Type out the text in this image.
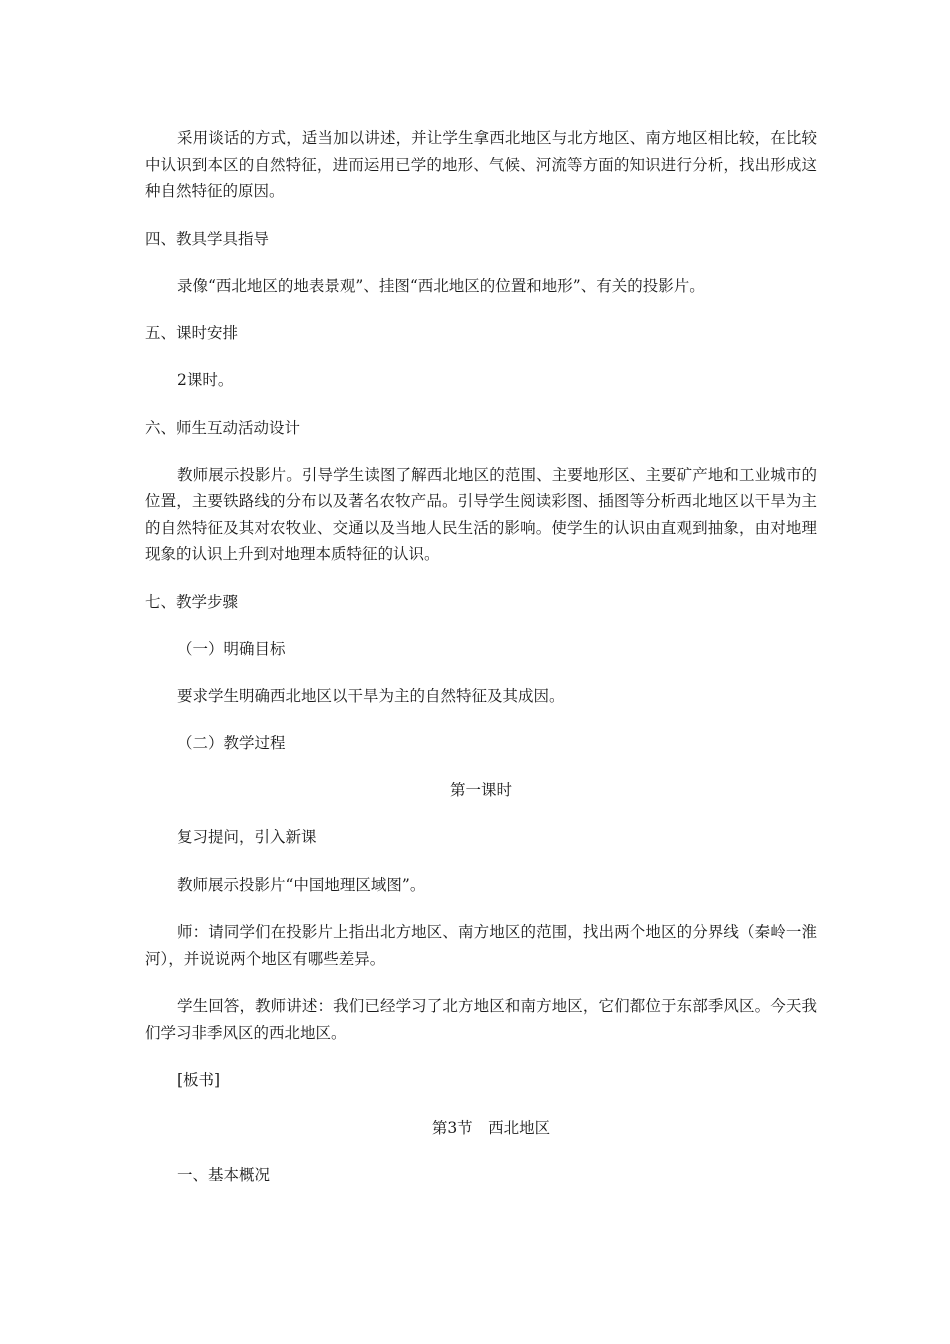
采用谈话的方式，适当加以讲述，并让学生拿西北地区与北方地区、南方地区相比较，在比较中认识到本区的自然特征，进而运用已学的地形、气候、河流等方面的知识进行分析，找出形成这种自然特征的原因。

四、教具学具指导

录像“西北地区的地表景观”、挂图“西北地区的位置和地形”、有关的投影片。

五、课时安排

2课时。

六、师生互动活动设计

教师展示投影片。引导学生读图了解西北地区的范围、主要地形区、主要矿产地和工业城市的位置，主要铁路线的分布以及著名农牧产品。引导学生阅读彩图、插图等分析西北地区以干旱为主的自然特征及其对农牧业、交通以及当地人民生活的影响。使学生的认识由直观到抽象，由对地理现象的认识上升到对地理本质特征的认识。

七、教学步骤

（一）明确目标

要求学生明确西北地区以干旱为主的自然特征及其成因。

（二）教学过程

第一课时

复习提问，引入新课

教师展示投影片“中国地理区域图”。

师：请同学们在投影片上指出北方地区、南方地区的范围，找出两个地区的分界线（秦岭一淮河），并说说两个地区有哪些差异。

学生回答，教师讲述：我们已经学习了北方地区和南方地区，它们都位于东部季风区。今天我们学习非季风区的西北地区。

[板书]

第3节　西北地区

一、基本概况
